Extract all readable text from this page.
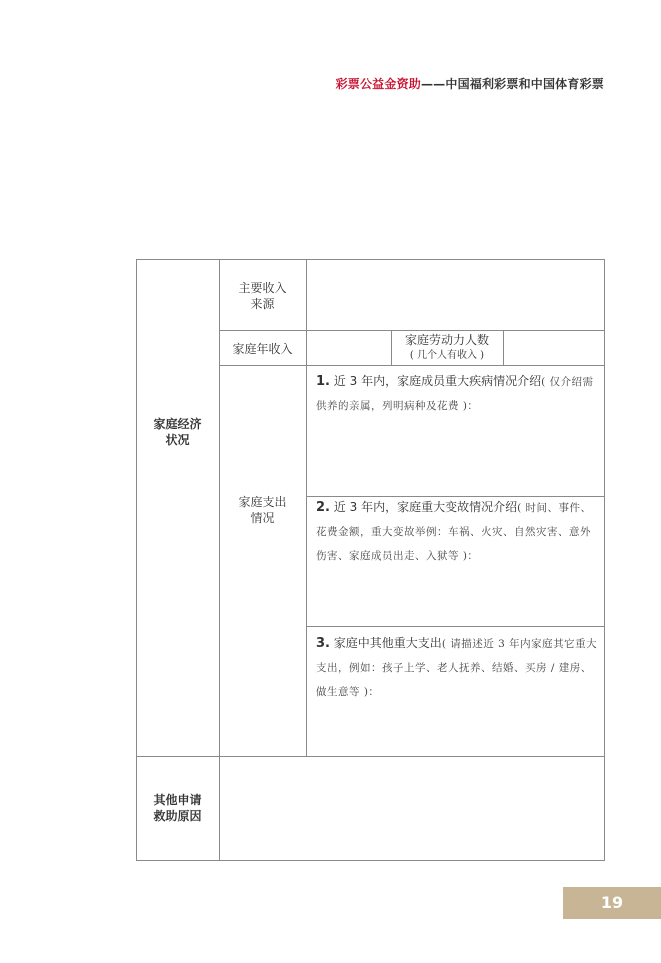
彩票公益金资助——中国福利彩票和中国体育彩票
家庭经济
状况
主要收入
来源
家庭年收入
家庭劳动力人数
( 几个人有收入 )
家庭支出
情况
1. 近 3 年内，家庭成员重大疾病情况介绍( 仅介绍需供养的亲属，列明病种及花费 )：
2. 近 3 年内，家庭重大变故情况介绍( 时间、事件、花费金额，重大变故举例：车祸、火灾、自然灾害、意外伤害、家庭成员出走、入狱等 )：
3. 家庭中其他重大支出( 请描述近 3 年内家庭其它重大支出，例如：孩子上学、老人抚养、结婚、买房 / 建房、做生意等 )：
其他申请
救助原因
19
